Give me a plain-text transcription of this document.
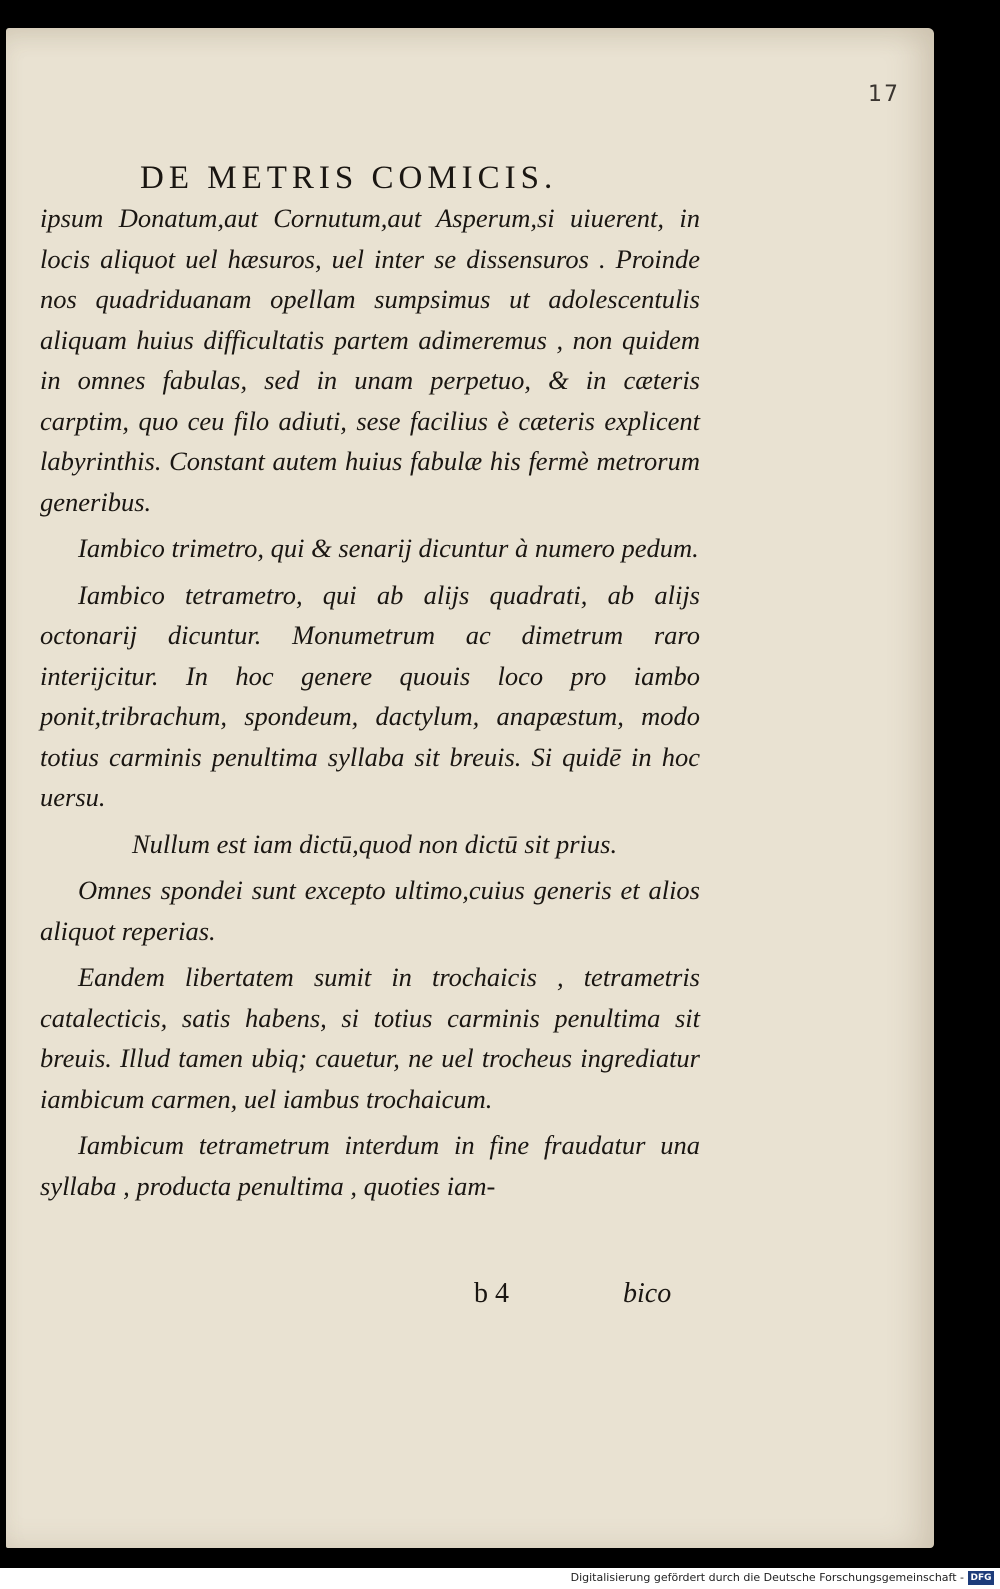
17
DE METRIS COMICIS.

ipsum Donatum,aut Cornutum,aut Asperum,si uiuerent, in locis aliquot uel hæsuros, uel inter se dissensuros . Proinde nos quadriduanam opellam sumpsimus ut adolescentulis aliquam huius difficultatis partem adimeremus , non quidem in omnes fabulas, sed in unam perpetuo, & in cæteris carptim, quo ceu filo adiuti, sese facilius è cæteris explicent labyrinthis. Constant autem huius fabulæ his fermè metrorum generibus.

Iambico trimetro, qui & senarij dicuntur à numero pedum.

Iambico tetrametro, qui ab alijs quadrati, ab alijs octonarij dicuntur. Monumetrum ac dimetrum raro interijcitur. In hoc genere quouis loco pro iambo ponit,tribrachum, spondeum, dactylum, anapæstum, modo totius carminis penultima syllaba sit breuis. Si quidē in hoc uersu.

Nullum est iam dictū,quod non dictū sit prius.

Omnes spondei sunt excepto ultimo,cuius generis et alios aliquot reperias.

Eandem libertatem sumit in trochaicis , tetrametris catalecticis, satis habens, si totius carminis penultima sit breuis. Illud tamen ubiq; cauetur, ne uel trocheus ingrediatur iambicum carmen, uel iambus trochaicum.

Iambicum tetrametrum interdum in fine fraudatur una syllaba , producta penultima , quoties iam-

b 4	bico
Digitalisierung gefördert durch die Deutsche Forschungsgemeinschaft - DFG
